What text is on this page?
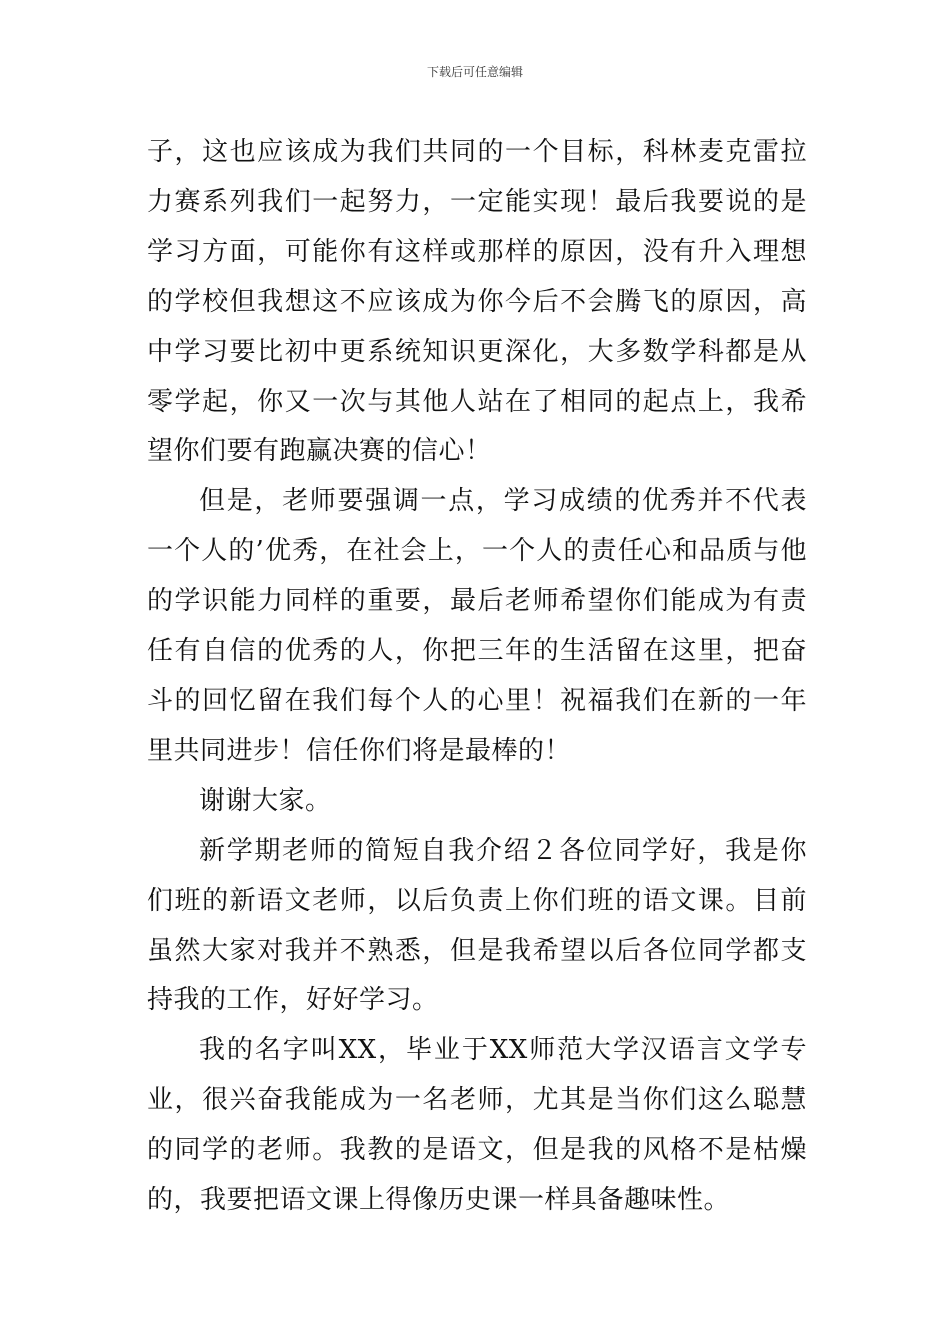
下载后可任意编辑

子，这也应该成为我们共同的一个目标，科林麦克雷拉力赛系列我们一起努力，一定能实现！最后我要说的是学习方面，可能你有这样或那样的原因，没有升入理想的学校但我想这不应该成为你今后不会腾飞的原因，高中学习要比初中更系统知识更深化，大多数学科都是从零学起，你又一次与其他人站在了相同的起点上，我希望你们要有跑赢决赛的信心！

但是，老师要强调一点，学习成绩的优秀并不代表一个人的’优秀，在社会上，一个人的责任心和品质与他的学识能力同样的重要，最后老师希望你们能成为有责任有自信的优秀的人，你把三年的生活留在这里，把奋斗的回忆留在我们每个人的心里！祝福我们在新的一年里共同进步！信任你们将是最棒的！

谢谢大家。

新学期老师的简短自我介绍２各位同学好，我是你们班的新语文老师，以后负责上你们班的语文课。目前虽然大家对我并不熟悉，但是我希望以后各位同学都支持我的工作，好好学习。

我的名字叫XX，毕业于XX师范大学汉语言文学专业，很兴奋我能成为一名老师，尤其是当你们这么聪慧的同学的老师。我教的是语文，但是我的风格不是枯燥的，我要把语文课上得像历史课一样具备趣味性。
